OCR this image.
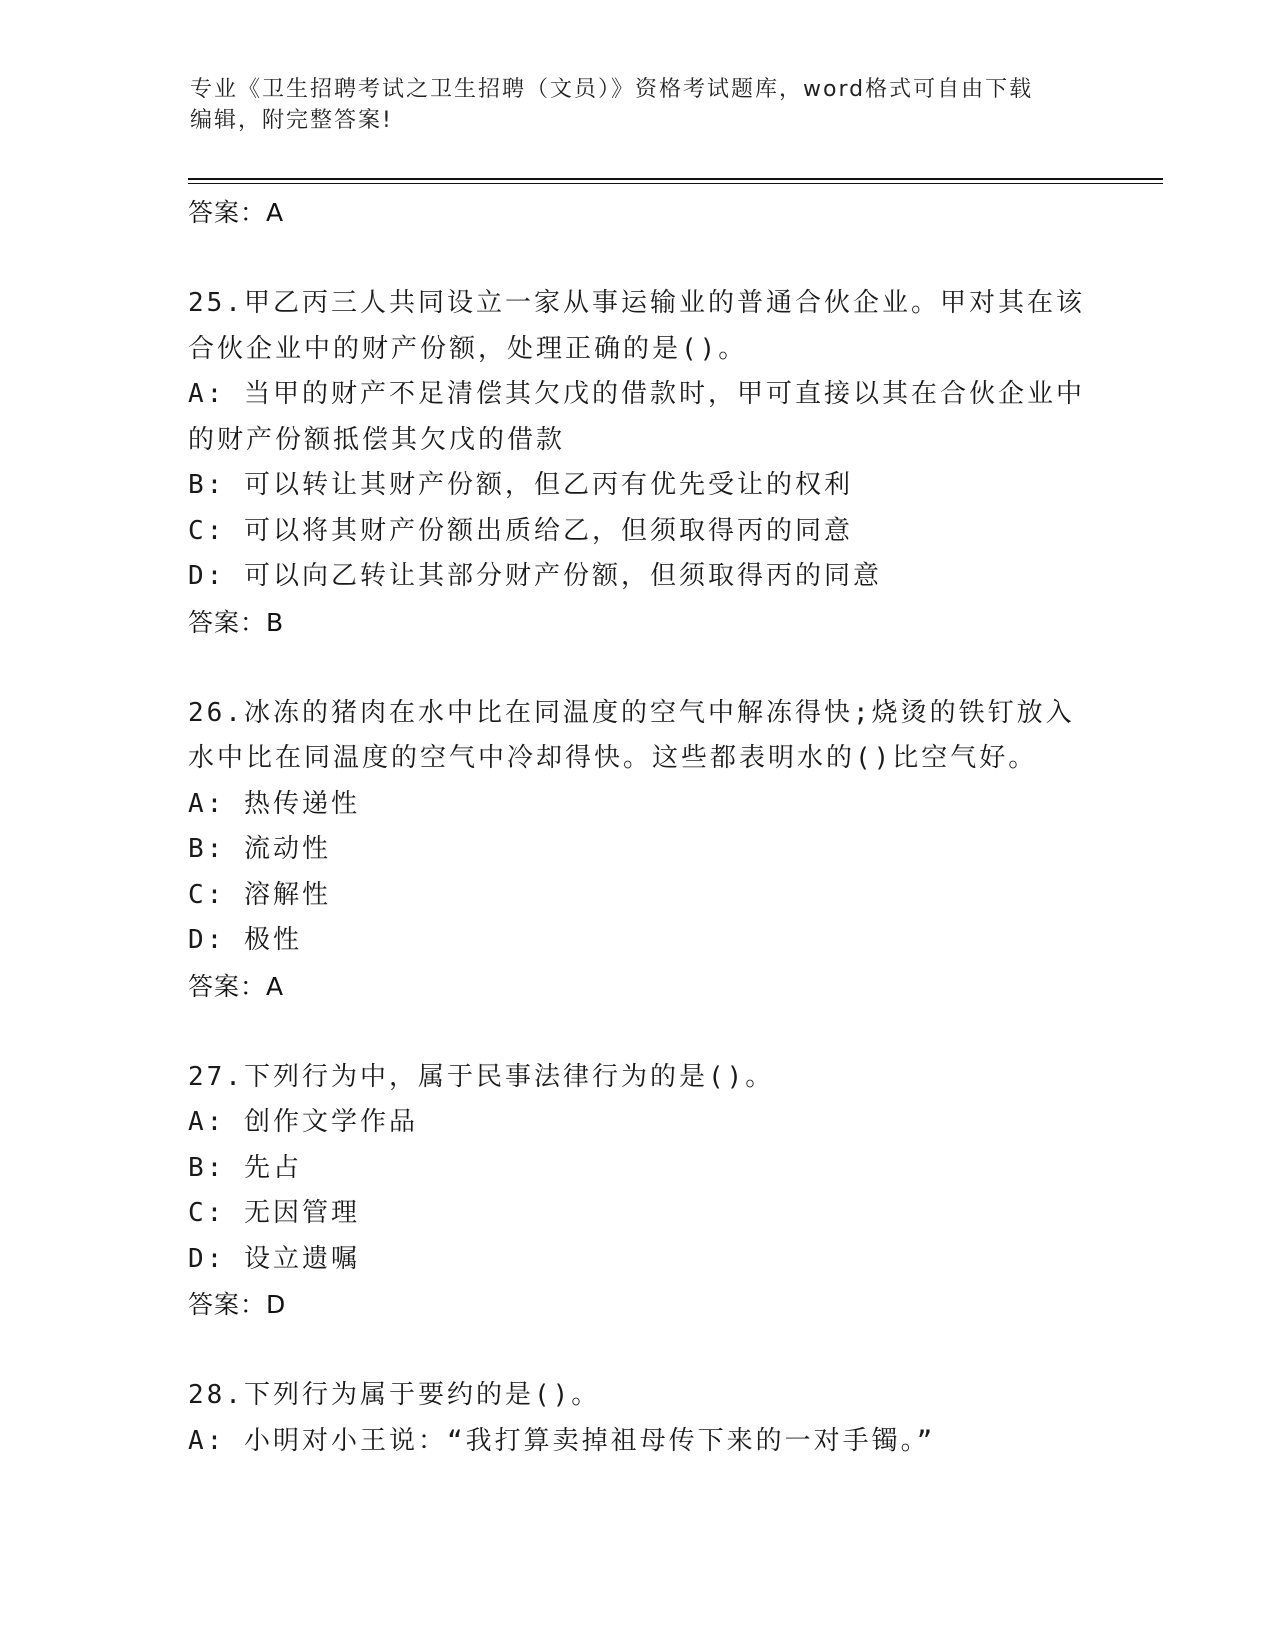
专业《卫生招聘考试之卫生招聘（文员）》资格考试题库，word格式可自由下载
编辑，附完整答案!
答案：A
25.甲乙丙三人共同设立一家从事运输业的普通合伙企业。甲对其在该
合伙企业中的财产份额，处理正确的是()。
A: 当甲的财产不足清偿其欠戊的借款时，甲可直接以其在合伙企业中
的财产份额抵偿其欠戊的借款
B: 可以转让其财产份额，但乙丙有优先受让的权利
C: 可以将其财产份额出质给乙，但须取得丙的同意
D: 可以向乙转让其部分财产份额，但须取得丙的同意
答案：B
26.冰冻的猪肉在水中比在同温度的空气中解冻得快;烧烫的铁钉放入
水中比在同温度的空气中冷却得快。这些都表明水的()比空气好。
A: 热传递性
B: 流动性
C: 溶解性
D: 极性
答案：A
27.下列行为中，属于民事法律行为的是()。
A: 创作文学作品
B: 先占
C: 无因管理
D: 设立遗嘱
答案：D
28.下列行为属于要约的是()。
A: 小明对小王说：“我打算卖掉祖母传下来的一对手镯。”
